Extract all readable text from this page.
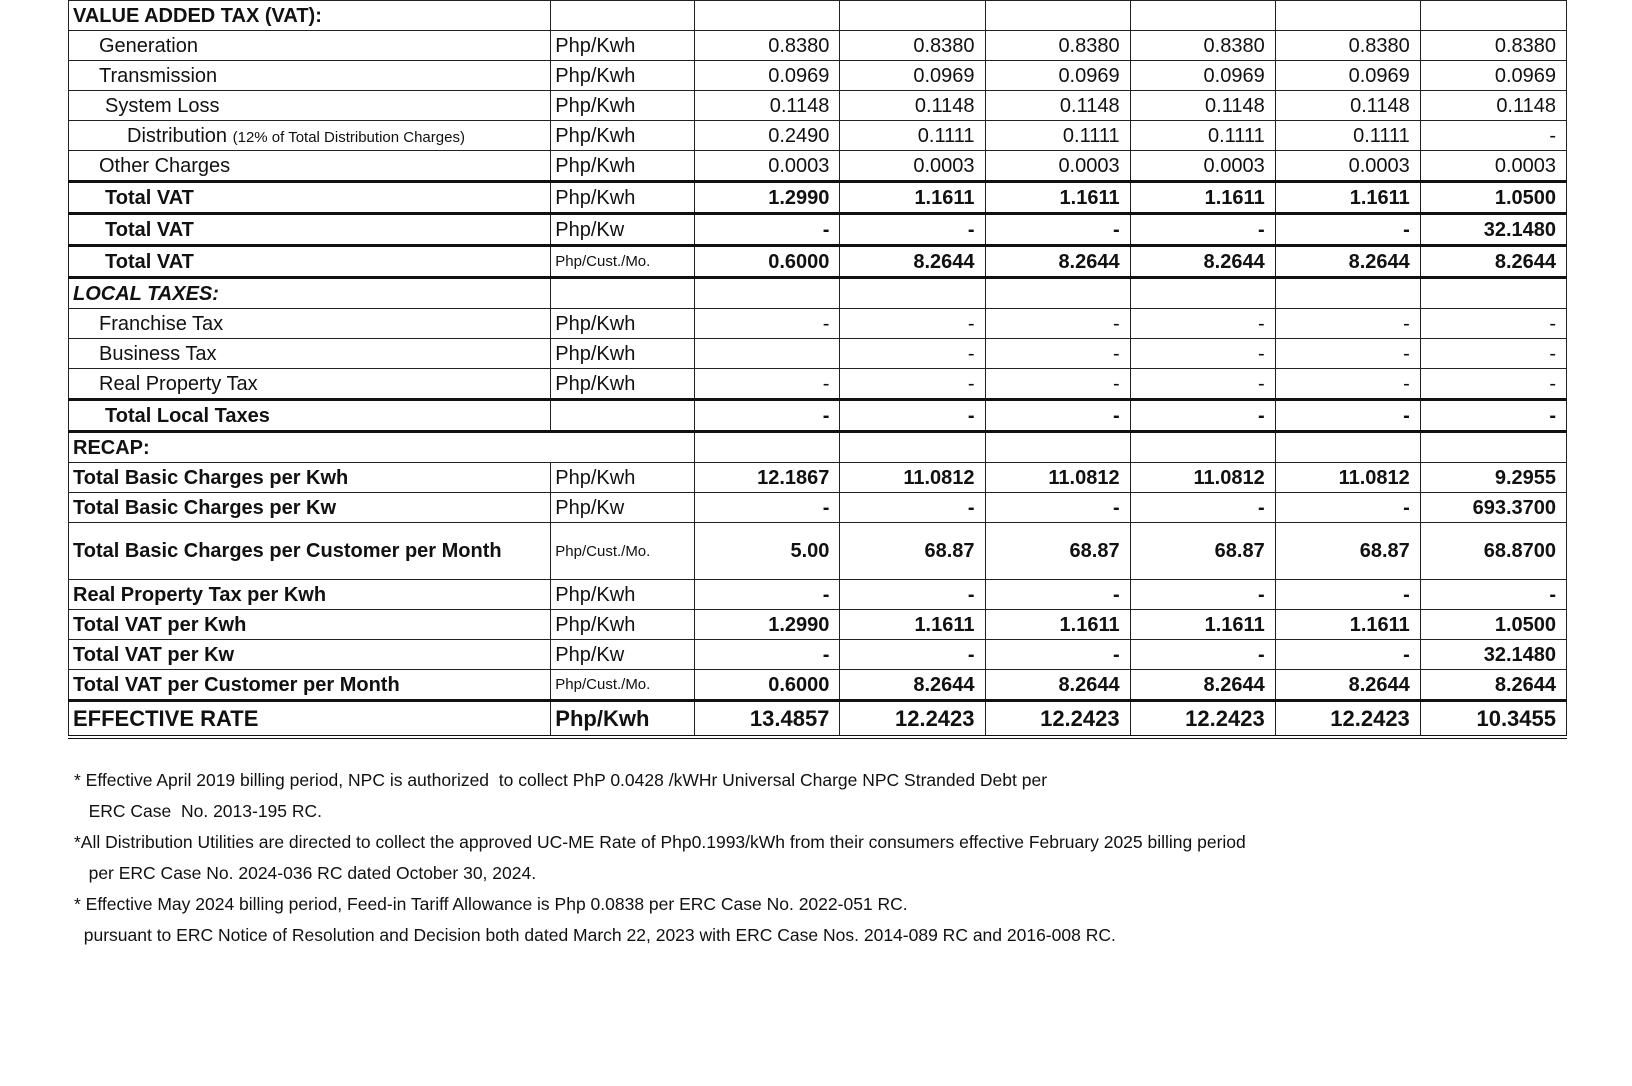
VALUE ADDED TAX (VAT):							
Generation	Php/Kwh	0.8380	0.8380	0.8380	0.8380	0.8380	0.8380
Transmission	Php/Kwh	0.0969	0.0969	0.0969	0.0969	0.0969	0.0969
System Loss	Php/Kwh	0.1148	0.1148	0.1148	0.1148	0.1148	0.1148
Distribution (12% of Total Distribution Charges)	Php/Kwh	0.2490	0.1111	0.1111	0.1111	0.1111	-
Other Charges	Php/Kwh	0.0003	0.0003	0.0003	0.0003	0.0003	0.0003
Total VAT	Php/Kwh	1.2990	1.1611	1.1611	1.1611	1.1611	1.0500
Total VAT	Php/Kw	-	-	-	-	-	32.1480
Total VAT	Php/Cust./Mo.	0.6000	8.2644	8.2644	8.2644	8.2644	8.2644
LOCAL TAXES:							
Franchise Tax	Php/Kwh	-	-	-	-	-	-
Business Tax	Php/Kwh		-	-	-	-	-
Real Property Tax	Php/Kwh	-	-	-	-	-	-
Total Local Taxes		-	-	-	-	-	-
RECAP:							
Total Basic Charges per Kwh	Php/Kwh	12.1867	11.0812	11.0812	11.0812	11.0812	9.2955
Total Basic Charges per Kw	Php/Kw	-	-	-	-	-	693.3700
Total Basic Charges per Customer per Month	Php/Cust./Mo.	5.00	68.87	68.87	68.87	68.87	68.8700
Real Property Tax per Kwh	Php/Kwh	-	-	-	-	-	-
Total VAT per Kwh	Php/Kwh	1.2990	1.1611	1.1611	1.1611	1.1611	1.0500
Total VAT per Kw	Php/Kw	-	-	-	-	-	32.1480
Total VAT per Customer per Month	Php/Cust./Mo.	0.6000	8.2644	8.2644	8.2644	8.2644	8.2644
EFFECTIVE RATE	Php/Kwh	13.4857	12.2423	12.2423	12.2423	12.2423	10.3455
* Effective April 2019 billing period, NPC is authorized  to collect PhP 0.0428 /kWHr Universal Charge NPC Stranded Debt per
ERC Case  No. 2013-195 RC.
*All Distribution Utilities are directed to collect the approved UC-ME Rate of Php0.1993/kWh from their consumers effective February 2025 billing period
per ERC Case No. 2024-036 RC dated October 30, 2024.
* Effective May 2024 billing period, Feed-in Tariff Allowance is Php 0.0838 per ERC Case No. 2022-051 RC.
pursuant to ERC Notice of Resolution and Decision both dated March 22, 2023 with ERC Case Nos. 2014-089 RC and 2016-008 RC.
